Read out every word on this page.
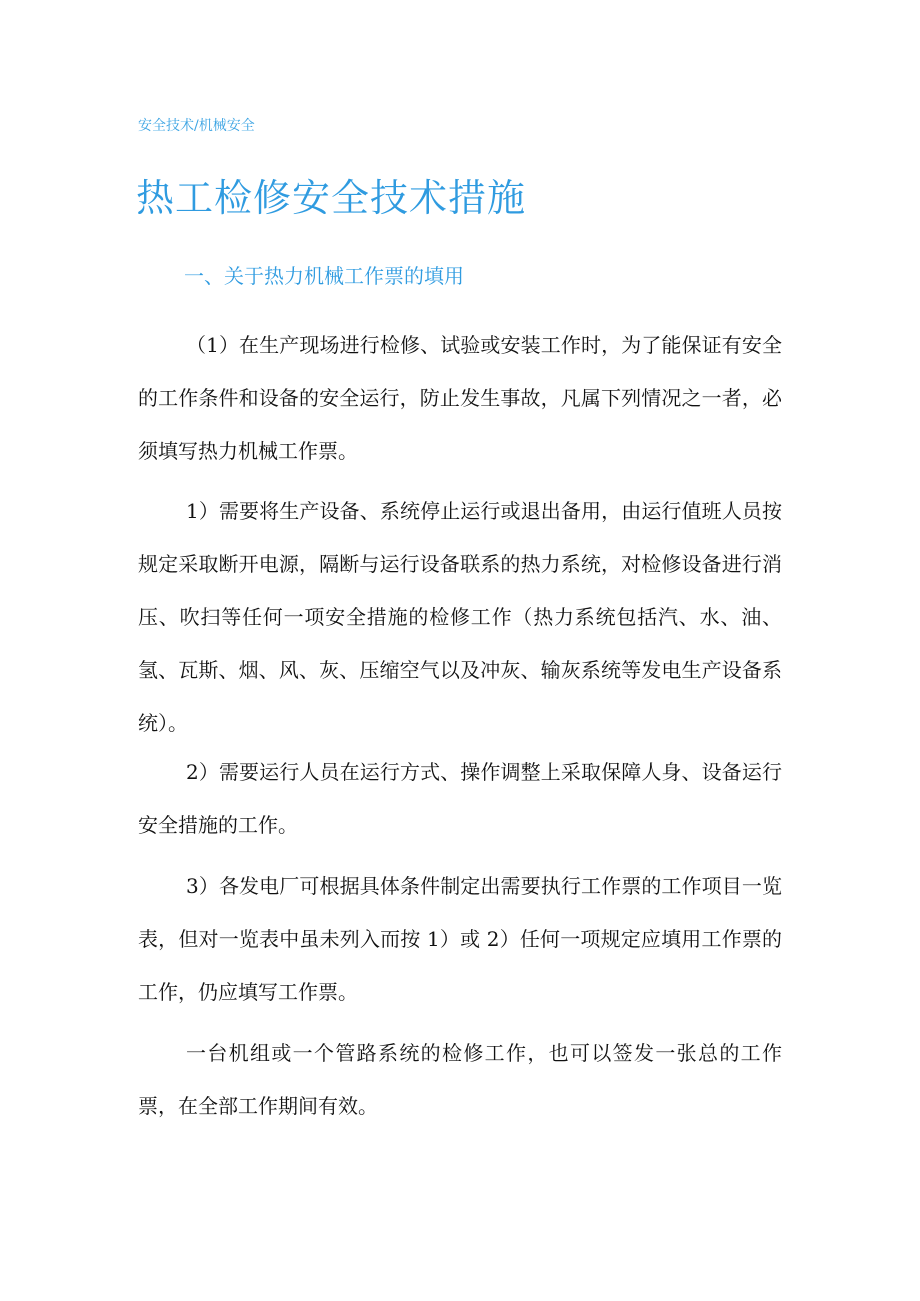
安全技术/机械安全
热工检修安全技术措施
一、关于热力机械工作票的填用

（1）在生产现场进行检修、试验或安装工作时，为了能保证有安全的工作条件和设备的安全运行，防止发生事故，凡属下列情况之一者，必须填写热力机械工作票。

1）需要将生产设备、系统停止运行或退出备用，由运行值班人员按规定采取断开电源，隔断与运行设备联系的热力系统，对检修设备进行消压、吹扫等任何一项安全措施的检修工作（热力系统包括汽、水、油、氢、瓦斯、烟、风、灰、压缩空气以及冲灰、输灰系统等发电生产设备系统）。

2）需要运行人员在运行方式、操作调整上采取保障人身、设备运行安全措施的工作。

3）各发电厂可根据具体条件制定出需要执行工作票的工作项目一览表，但对一览表中虽未列入而按 1）或 2）任何一项规定应填用工作票的工作，仍应填写工作票。

一台机组或一个管路系统的检修工作，也可以签发一张总的工作票，在全部工作期间有效。
